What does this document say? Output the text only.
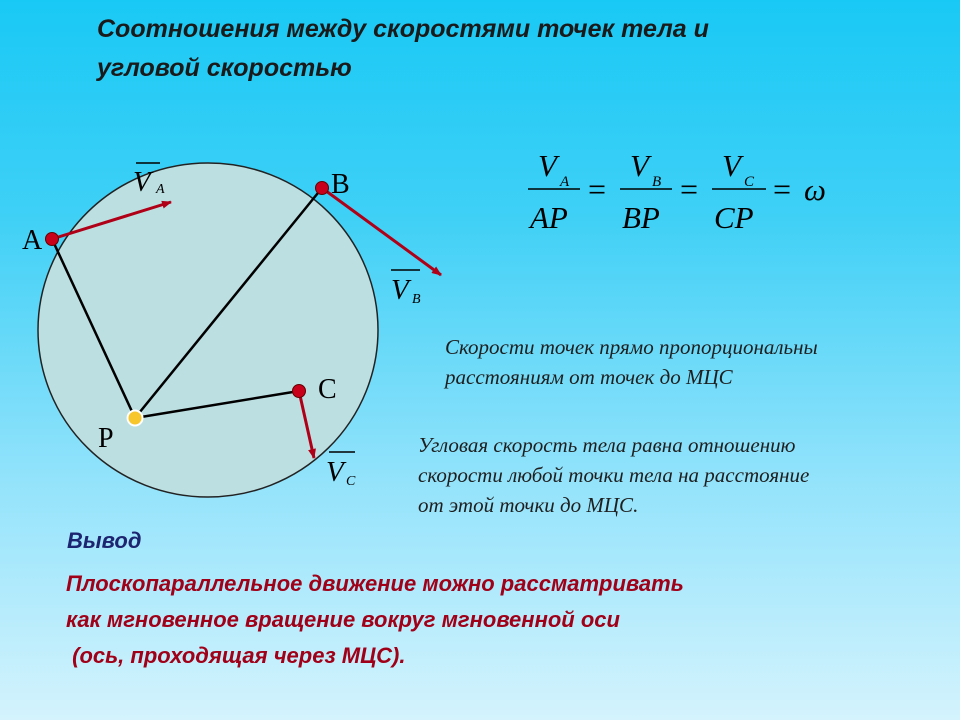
Соотношения между скоростями точек тела и
угловой скоростью
A
B
C
P
V A
V B
V C
V A
AP
=
V B
BP
=
V C
CP
= ω
Скорости точек прямо пропорциональны
расстояниям от точек до МЦС
Угловая скорость тела равна отношению
скорости любой точки тела на расстояние
от этой точки до МЦС.
Вывод
Плоскопараллельное движение можно рассматривать
как мгновенное вращение вокруг мгновенной оси
(ось, проходящая через МЦС).
